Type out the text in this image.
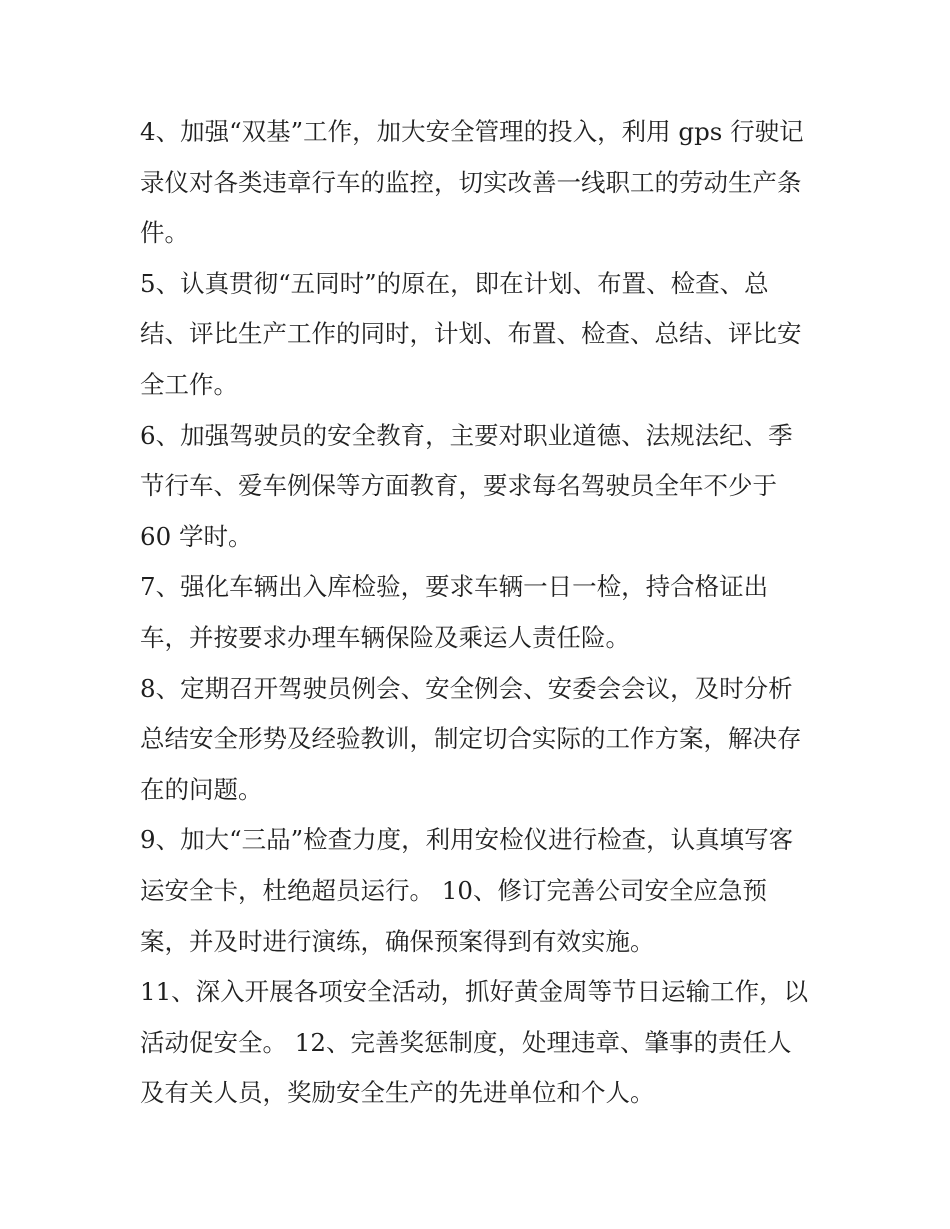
4、加强“双基”工作，加大安全管理的投入，利用 gps 行驶记
录仪对各类违章行车的监控，切实改善一线职工的劳动生产条
件。
5、认真贯彻“五同时”的原在，即在计划、布置、检查、总
结、评比生产工作的同时，计划、布置、检查、总结、评比安
全工作。
6、加强驾驶员的安全教育，主要对职业道德、法规法纪、季
节行车、爱车例保等方面教育，要求每名驾驶员全年不少于
60 学时。
7、强化车辆出入库检验，要求车辆一日一检，持合格证出
车，并按要求办理车辆保险及乘运人责任险。
8、定期召开驾驶员例会、安全例会、安委会会议，及时分析
总结安全形势及经验教训，制定切合实际的工作方案，解决存
在的问题。
9、加大“三品”检查力度，利用安检仪进行检查，认真填写客
运安全卡，杜绝超员运行。 10、修订完善公司安全应急预
案，并及时进行演练，确保预案得到有效实施。
11、深入开展各项安全活动，抓好黄金周等节日运输工作，以
活动促安全。 12、完善奖惩制度，处理违章、肇事的责任人
及有关人员，奖励安全生产的先进单位和个人。
